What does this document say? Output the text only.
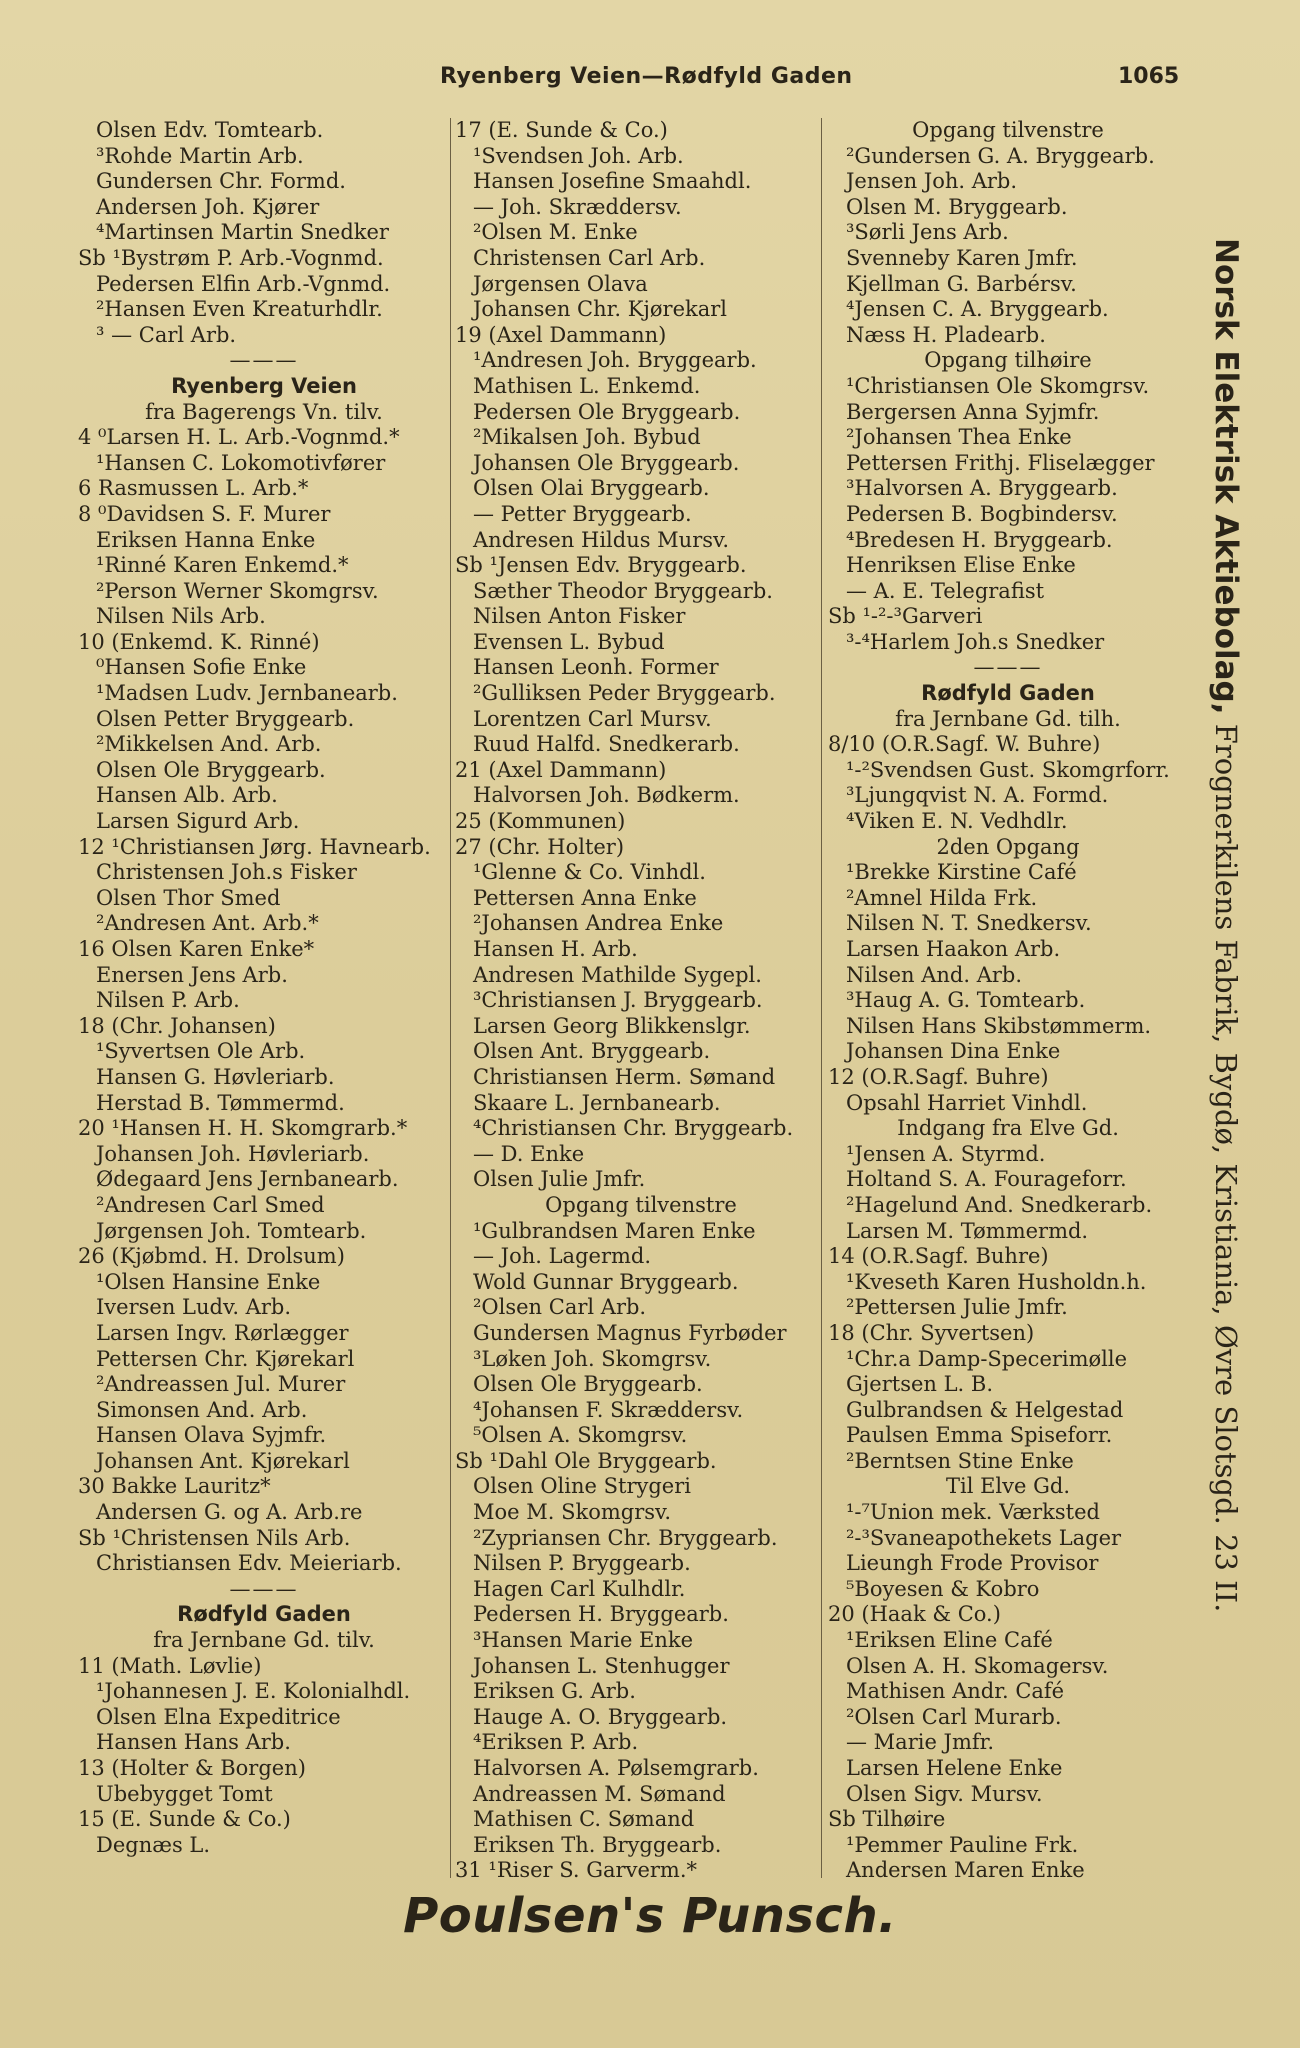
Ryenberg Veien—Rødfyld Gaden	1065
Olsen Edv. Tomtearb.
³Rohde Martin Arb.
Gundersen Chr. Formd.
Andersen Joh. Kjører
⁴Martinsen Martin Snedker
Sb ¹Bystrøm P. Arb.-Vognmd.
Pedersen Elfin Arb.-Vgnmd.
²Hansen Even Kreaturhdlr.
³ — Carl Arb.
———
Ryenberg Veien
fra Bagerengs Vn. tilv.
4 ⁰Larsen H. L. Arb.-Vognmd.*
¹Hansen C. Lokomotivfører
6 Rasmussen L. Arb.*
8 ⁰Davidsen S. F. Murer
Eriksen Hanna Enke
¹Rinné Karen Enkemd.*
²Person Werner Skomgrsv.
Nilsen Nils Arb.
10 (Enkemd. K. Rinné)
⁰Hansen Sofie Enke
¹Madsen Ludv. Jernbanearb.
Olsen Petter Bryggearb.
²Mikkelsen And. Arb.
Olsen Ole Bryggearb.
Hansen Alb. Arb.
Larsen Sigurd Arb.
12 ¹Christiansen Jørg. Havnearb.
Christensen Joh.s Fisker
Olsen Thor Smed
²Andresen Ant. Arb.*
16 Olsen Karen Enke*
Enersen Jens Arb.
Nilsen P. Arb.
18 (Chr. Johansen)
¹Syvertsen Ole Arb.
Hansen G. Høvleriarb.
Herstad B. Tømmermd.
20 ¹Hansen H. H. Skomgrarb.*
Johansen Joh. Høvleriarb.
Ødegaard Jens Jernbanearb.
²Andresen Carl Smed
Jørgensen Joh. Tomtearb.
26 (Kjøbmd. H. Drolsum)
¹Olsen Hansine Enke
Iversen Ludv. Arb.
Larsen Ingv. Rørlægger
Pettersen Chr. Kjørekarl
²Andreassen Jul. Murer
Simonsen And. Arb.
Hansen Olava Syjmfr.
Johansen Ant. Kjørekarl
30 Bakke Lauritz*
Andersen G. og A. Arb.re
Sb ¹Christensen Nils Arb.
Christiansen Edv. Meieriarb.
———
Rødfyld Gaden
fra Jernbane Gd. tilv.
11 (Math. Løvlie)
¹Johannesen J. E. Kolonialhdl.
Olsen Elna Expeditrice
Hansen Hans Arb.
13 (Holter & Borgen)
Ubebygget Tomt
15 (E. Sunde & Co.)
Degnæs L.
17 (E. Sunde & Co.)
¹Svendsen Joh. Arb.
Hansen Josefine Smaahdl.
— Joh. Skræddersv.
²Olsen M. Enke
Christensen Carl Arb.
Jørgensen Olava
Johansen Chr. Kjørekarl
19 (Axel Dammann)
¹Andresen Joh. Bryggearb.
Mathisen L. Enkemd.
Pedersen Ole Bryggearb.
²Mikalsen Joh. Bybud
Johansen Ole Bryggearb.
Olsen Olai Bryggearb.
— Petter Bryggearb.
Andresen Hildus Mursv.
Sb ¹Jensen Edv. Bryggearb.
Sæther Theodor Bryggearb.
Nilsen Anton Fisker
Evensen L. Bybud
Hansen Leonh. Former
²Gulliksen Peder Bryggearb.
Lorentzen Carl Mursv.
Ruud Halfd. Snedkerarb.
21 (Axel Dammann)
Halvorsen Joh. Bødkerm.
25 (Kommunen)
27 (Chr. Holter)
¹Glenne & Co. Vinhdl.
Pettersen Anna Enke
²Johansen Andrea Enke
Hansen H. Arb.
Andresen Mathilde Sygepl.
³Christiansen J. Bryggearb.
Larsen Georg Blikkenslgr.
Olsen Ant. Bryggearb.
Christiansen Herm. Sømand
Skaare L. Jernbanearb.
⁴Christiansen Chr. Bryggearb.
— D. Enke
Olsen Julie Jmfr.
Opgang tilvenstre
¹Gulbrandsen Maren Enke
— Joh. Lagermd.
Wold Gunnar Bryggearb.
²Olsen Carl Arb.
Gundersen Magnus Fyrbøder
³Løken Joh. Skomgrsv.
Olsen Ole Bryggearb.
⁴Johansen F. Skræddersv.
⁵Olsen A. Skomgrsv.
Sb ¹Dahl Ole Bryggearb.
Olsen Oline Strygeri
Moe M. Skomgrsv.
²Zypriansen Chr. Bryggearb.
Nilsen P. Bryggearb.
Hagen Carl Kulhdlr.
Pedersen H. Bryggearb.
³Hansen Marie Enke
Johansen L. Stenhugger
Eriksen G. Arb.
Hauge A. O. Bryggearb.
⁴Eriksen P. Arb.
Halvorsen A. Pølsemgrarb.
Andreassen M. Sømand
Mathisen C. Sømand
Eriksen Th. Bryggearb.
31 ¹Riser S. Garverm.*
Opgang tilvenstre
²Gundersen G. A. Bryggearb.
Jensen Joh. Arb.
Olsen M. Bryggearb.
³Sørli Jens Arb.
Svenneby Karen Jmfr.
Kjellman G. Barbérsv.
⁴Jensen C. A. Bryggearb.
Næss H. Pladearb.
Opgang tilhøire
¹Christiansen Ole Skomgrsv.
Bergersen Anna Syjmfr.
²Johansen Thea Enke
Pettersen Frithj. Fliselægger
³Halvorsen A. Bryggearb.
Pedersen B. Bogbindersv.
⁴Bredesen H. Bryggearb.
Henriksen Elise Enke
— A. E. Telegrafist
Sb ¹‑²‑³Garveri
³‑⁴Harlem Joh.s Snedker
———
Rødfyld Gaden
fra Jernbane Gd. tilh.
8/10 (O.R.Sagf. W. Buhre)
¹‑²Svendsen Gust. Skomgrforr.
³Ljungqvist N. A. Formd.
⁴Viken E. N. Vedhdlr.
2den Opgang
¹Brekke Kirstine Café
²Amnel Hilda Frk.
Nilsen N. T. Snedkersv.
Larsen Haakon Arb.
Nilsen And. Arb.
³Haug A. G. Tomtearb.
Nilsen Hans Skibstømmerm.
Johansen Dina Enke
12 (O.R.Sagf. Buhre)
Opsahl Harriet Vinhdl.
Indgang fra Elve Gd.
¹Jensen A. Styrmd.
Holtand S. A. Fourageforr.
²Hagelund And. Snedkerarb.
Larsen M. Tømmermd.
14 (O.R.Sagf. Buhre)
¹Kveseth Karen Husholdn.h.
²Pettersen Julie Jmfr.
18 (Chr. Syvertsen)
¹Chr.a Damp-Specerimølle
Gjertsen L. B.
Gulbrandsen & Helgestad
Paulsen Emma Spiseforr.
²Berntsen Stine Enke
Til Elve Gd.
¹‑⁷Union mek. Værksted
²‑³Svaneapothekets Lager
Lieungh Frode Provisor
⁵Boyesen & Kobro
20 (Haak & Co.)
¹Eriksen Eline Café
Olsen A. H. Skomagersv.
Mathisen Andr. Café
²Olsen Carl Murarb.
— Marie Jmfr.
Larsen Helene Enke
Olsen Sigv. Mursv.
Sb Tilhøire
¹Pemmer Pauline Frk.
Andersen Maren Enke
Norsk Elektrisk Aktiebolag, Frognerkilens Fabrik, Bygdø, Kristiania, Øvre Slotsgd. 23 II.
Poulsen's Punsch.
